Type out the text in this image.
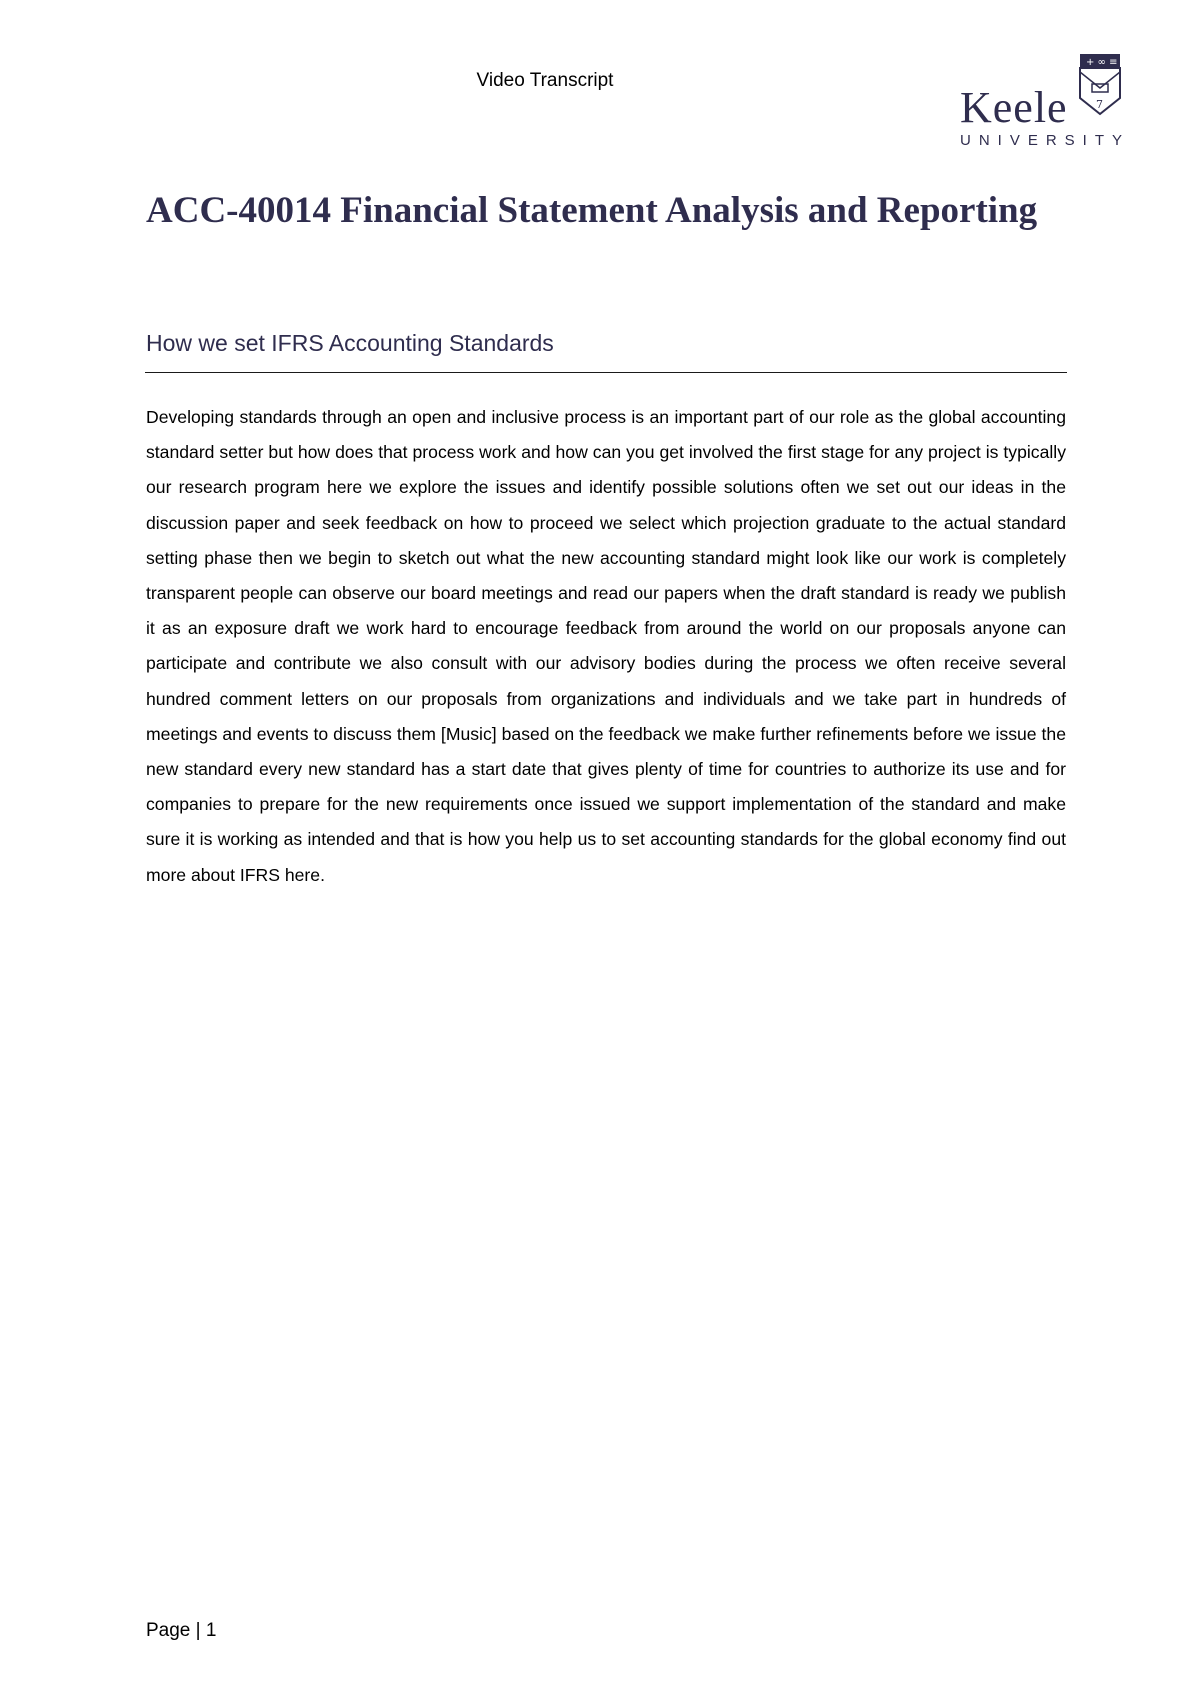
Video Transcript
+ ∞ ≡
7
Keele
UNIVERSITY
ACC-40014 Financial Statement Analysis and Reporting
How we set IFRS Accounting Standards

Developing standards through an open and inclusive process is an important part of our role as the global accounting standard setter but how does that process work and how can you get involved the first stage for any project is typically our research program here we explore the issues and identify possible solutions often we set out our ideas in the discussion paper and seek feedback on how to proceed we select which projection graduate to the actual standard setting phase then we begin to sketch out what the new accounting standard might look like our work is completely transparent people can observe our board meetings and read our papers when the draft standard is ready we publish it as an exposure draft we work hard to encourage feedback from around the world on our proposals anyone can participate and contribute we also consult with our advisory bodies during the process we often receive several hundred comment letters on our proposals from organizations and individuals and we take part in hundreds of meetings and events to discuss them [Music] based on the feedback we make further refinements before we issue the new standard every new standard has a start date that gives plenty of time for countries to authorize its use and for companies to prepare for the new requirements once issued we support implementation of the standard and make sure it is working as intended and that is how you help us to set accounting standards for the global economy find out more about IFRS here.

Page | 1
